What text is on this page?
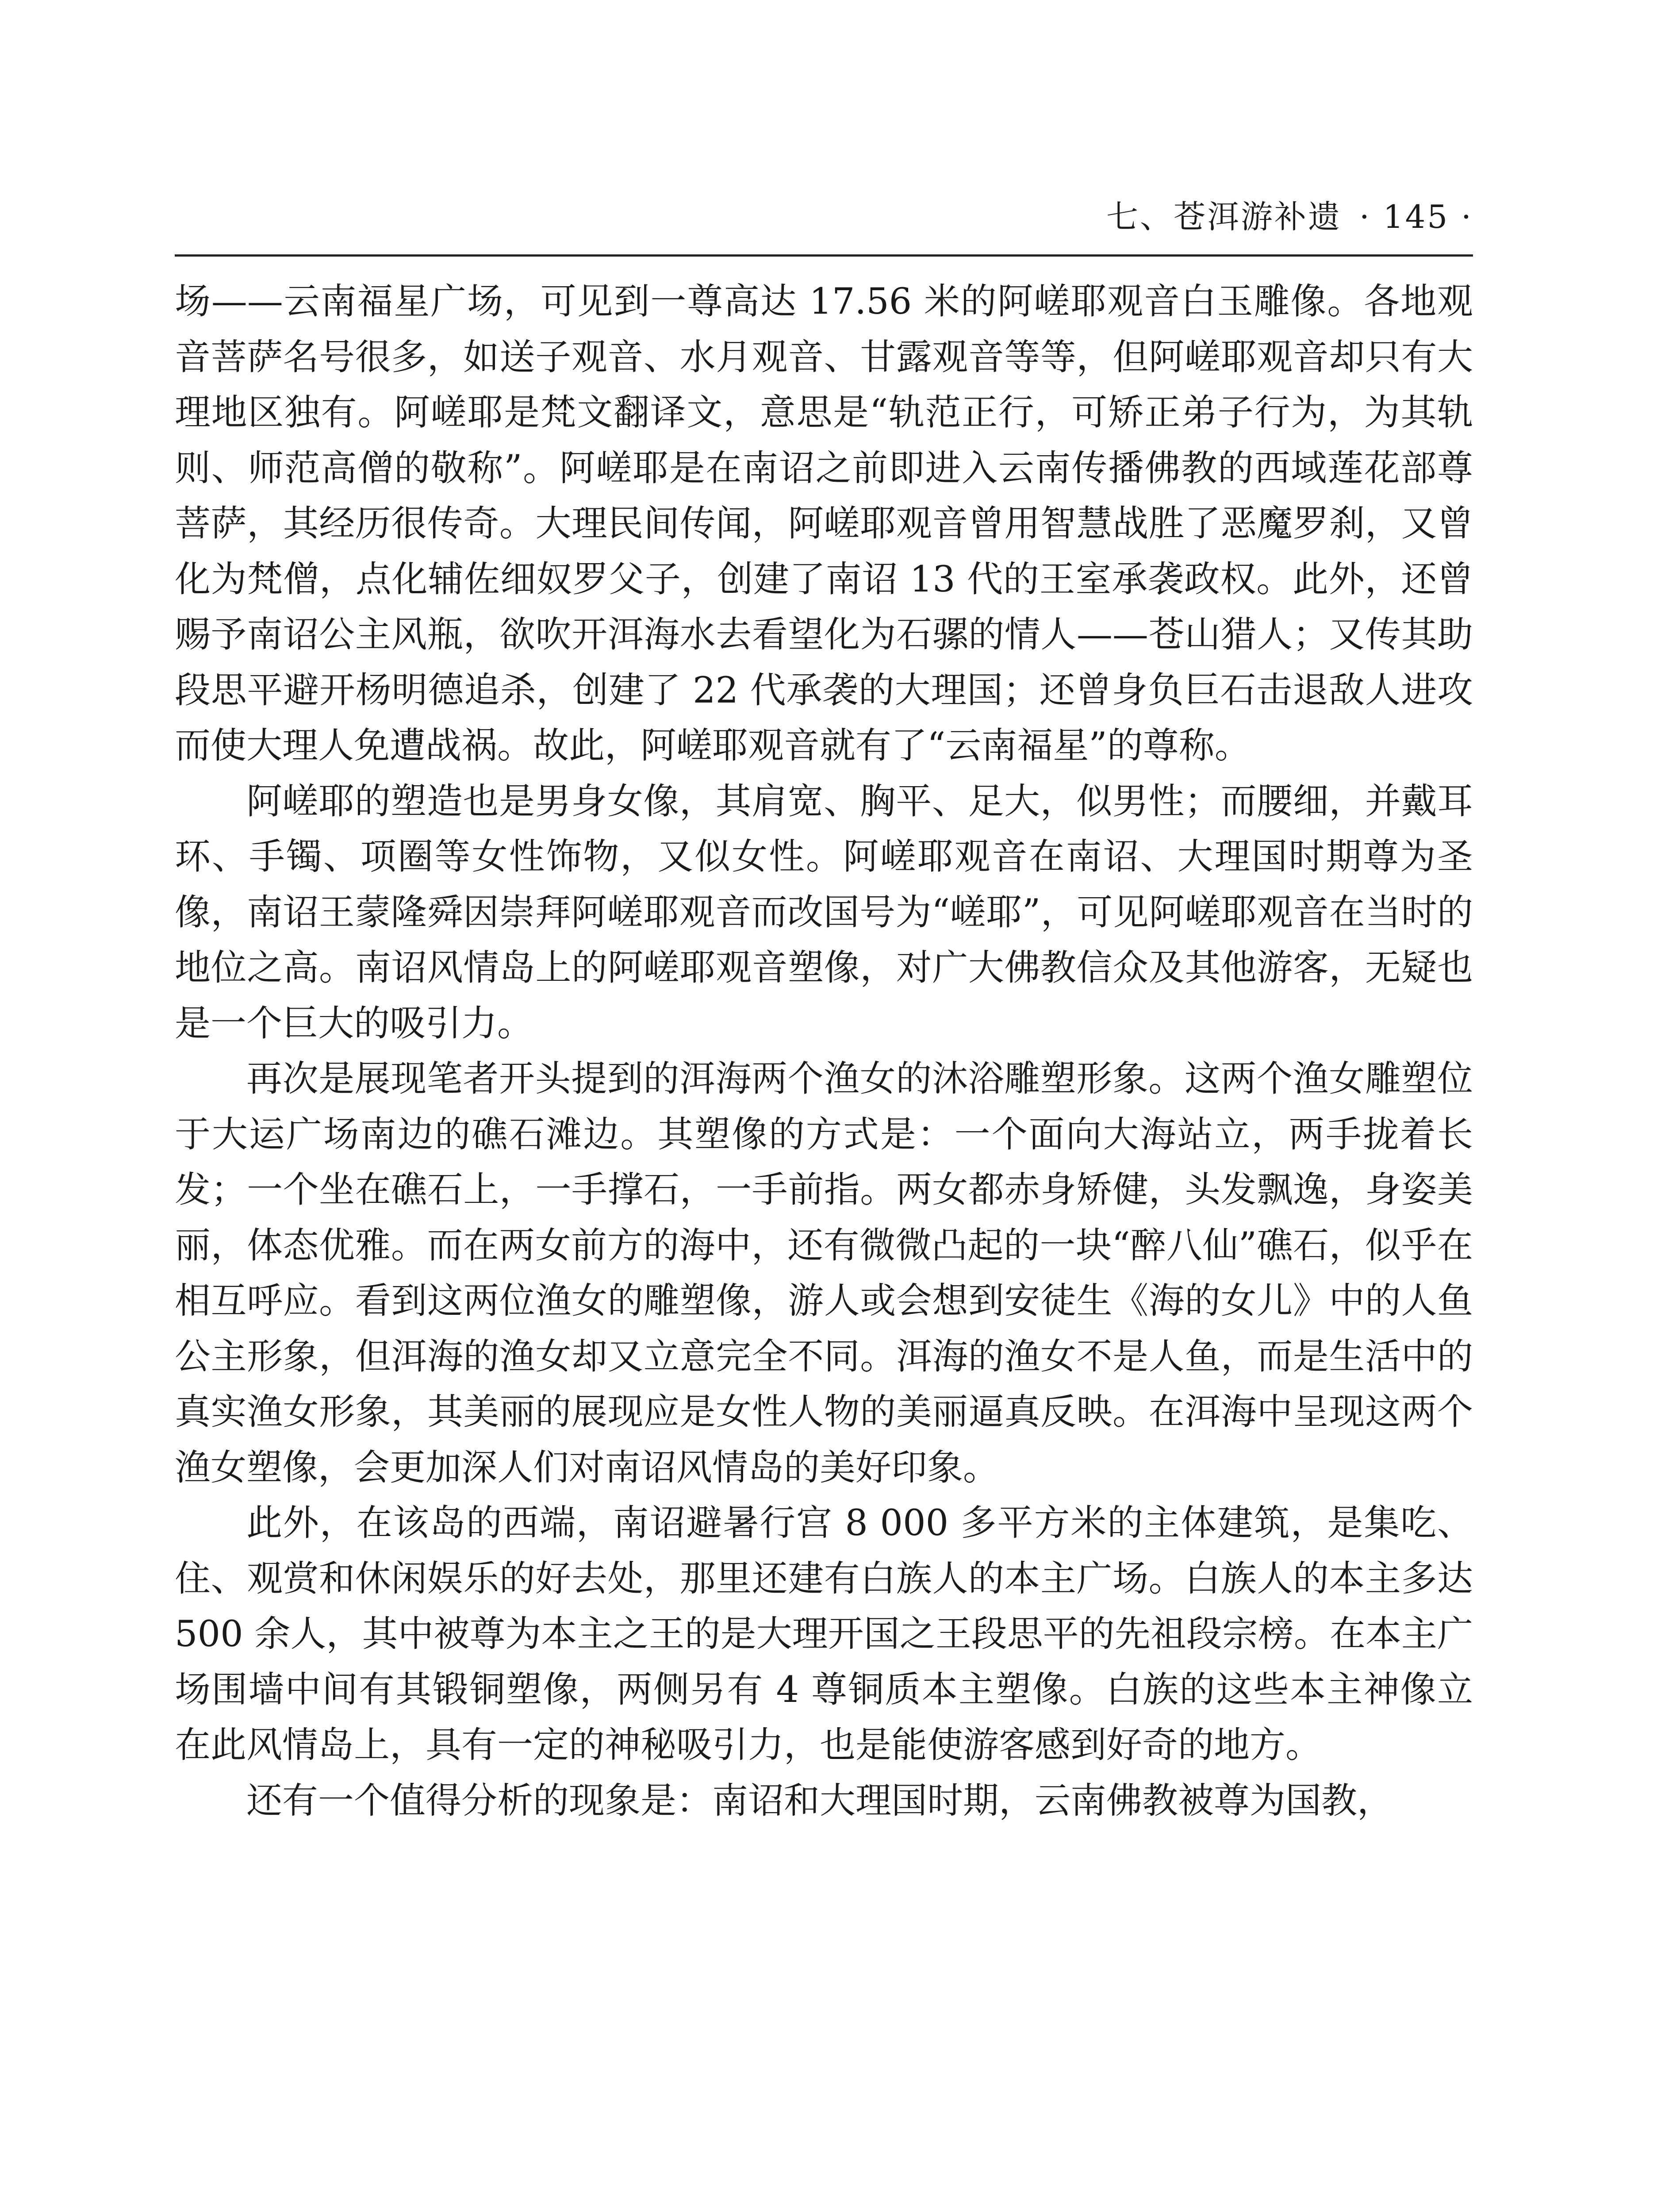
七、苍洱游补遗 · 145 ·

场——云南福星广场，可见到一尊高达 17.56 米的阿嵯耶观音白玉雕像。各地观音菩萨名号很多，如送子观音、水月观音、甘露观音等等，但阿嵯耶观音却只有大理地区独有。阿嵯耶是梵文翻译文，意思是“轨范正行，可矫正弟子行为，为其轨则、师范高僧的敬称”。阿嵯耶是在南诏之前即进入云南传播佛教的西域莲花部尊菩萨，其经历很传奇。大理民间传闻，阿嵯耶观音曾用智慧战胜了恶魔罗刹，又曾化为梵僧，点化辅佐细奴罗父子，创建了南诏 13 代的王室承袭政权。此外，还曾赐予南诏公主风瓶，欲吹开洱海水去看望化为石骡的情人——苍山猎人；又传其助段思平避开杨明德追杀，创建了 22 代承袭的大理国；还曾身负巨石击退敌人进攻而使大理人免遭战祸。故此，阿嵯耶观音就有了“云南福星”的尊称。

阿嵯耶的塑造也是男身女像，其肩宽、胸平、足大，似男性；而腰细，并戴耳环、手镯、项圈等女性饰物，又似女性。阿嵯耶观音在南诏、大理国时期尊为圣像，南诏王蒙隆舜因崇拜阿嵯耶观音而改国号为“嵯耶”，可见阿嵯耶观音在当时的地位之高。南诏风情岛上的阿嵯耶观音塑像，对广大佛教信众及其他游客，无疑也是一个巨大的吸引力。

再次是展现笔者开头提到的洱海两个渔女的沐浴雕塑形象。这两个渔女雕塑位于大运广场南边的礁石滩边。其塑像的方式是：一个面向大海站立，两手拢着长发；一个坐在礁石上，一手撑石，一手前指。两女都赤身矫健，头发飘逸，身姿美丽，体态优雅。而在两女前方的海中，还有微微凸起的一块“醉八仙”礁石，似乎在相互呼应。看到这两位渔女的雕塑像，游人或会想到安徒生《海的女儿》中的人鱼公主形象，但洱海的渔女却又立意完全不同。洱海的渔女不是人鱼，而是生活中的真实渔女形象，其美丽的展现应是女性人物的美丽逼真反映。在洱海中呈现这两个渔女塑像，会更加深人们对南诏风情岛的美好印象。

此外，在该岛的西端，南诏避暑行宫 8 000 多平方米的主体建筑，是集吃、住、观赏和休闲娱乐的好去处，那里还建有白族人的本主广场。白族人的本主多达 500 余人，其中被尊为本主之王的是大理开国之王段思平的先祖段宗榜。在本主广场围墙中间有其锻铜塑像，两侧另有 4 尊铜质本主塑像。白族的这些本主神像立在此风情岛上，具有一定的神秘吸引力，也是能使游客感到好奇的地方。

还有一个值得分析的现象是：南诏和大理国时期，云南佛教被尊为国教，
